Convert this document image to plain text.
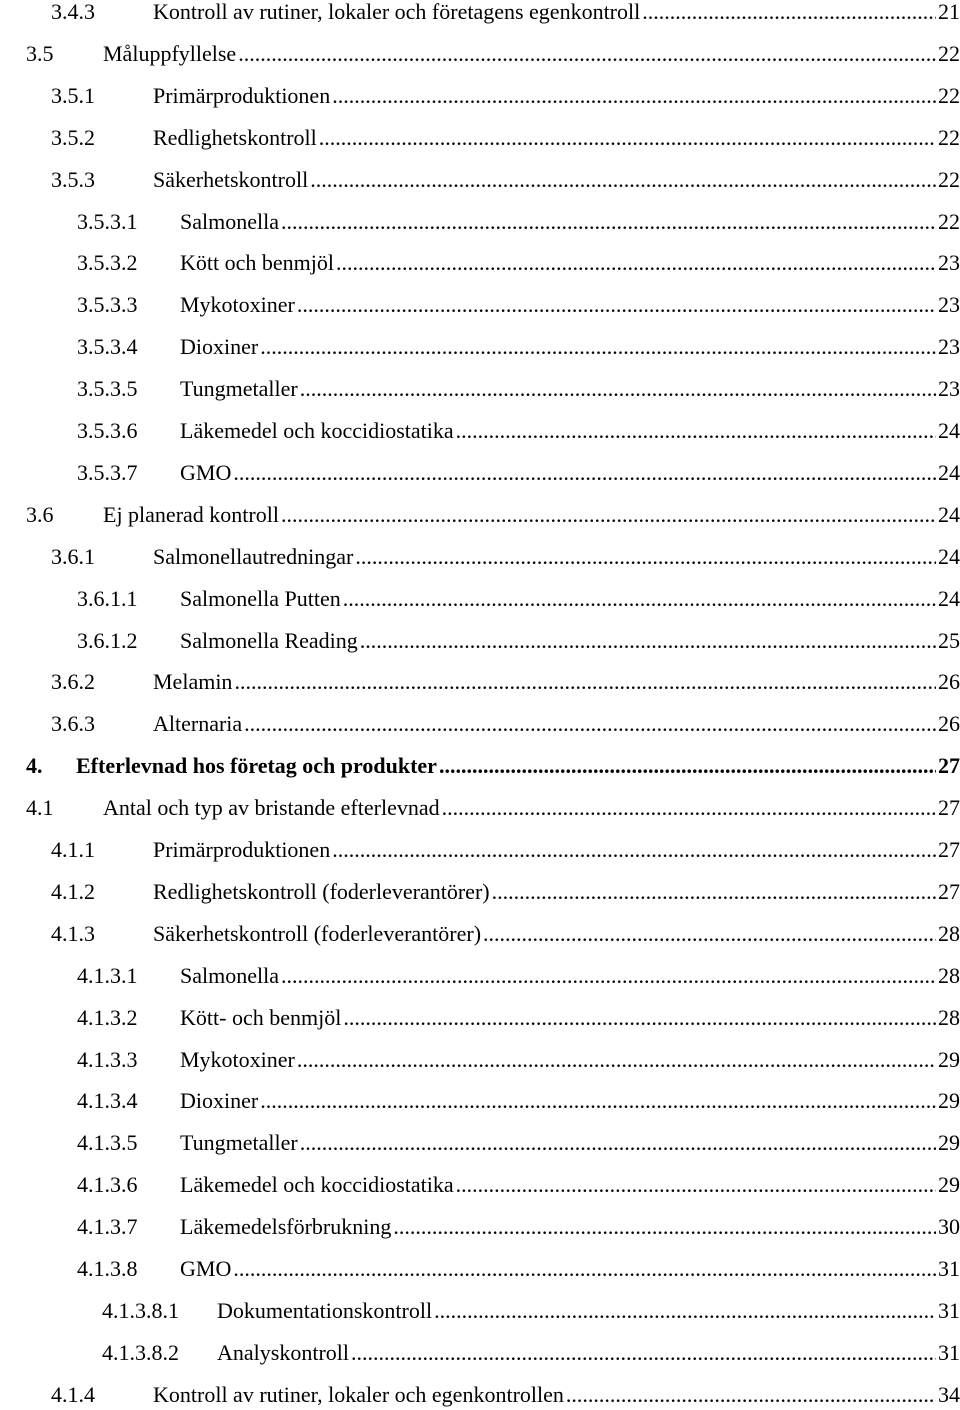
3.4.3	Kontroll av rutiner, lokaler och företagens egenkontroll .....	21
3.5	Måluppfyllelse .....	22
3.5.1	Primärproduktionen .....	22
3.5.2	Redlighetskontroll .....	22
3.5.3	Säkerhetskontroll .....	22
3.5.3.1	Salmonella .....	22
3.5.3.2	Kött och benmjöl .....	23
3.5.3.3	Mykotoxiner .....	23
3.5.3.4	Dioxiner .....	23
3.5.3.5	Tungmetaller .....	23
3.5.3.6	Läkemedel och koccidiostatika .....	24
3.5.3.7	GMO .....	24
3.6	Ej planerad kontroll .....	24
3.6.1	Salmonellautredningar .....	24
3.6.1.1	Salmonella Putten .....	24
3.6.1.2	Salmonella Reading .....	25
3.6.2	Melamin .....	26
3.6.3	Alternaria .....	26
4.	Efterlevnad hos företag och produkter .....	27
4.1	Antal och typ av bristande efterlevnad .....	27
4.1.1	Primärproduktionen .....	27
4.1.2	Redlighetskontroll (foderleverantörer) .....	27
4.1.3	Säkerhetskontroll (foderleverantörer) .....	28
4.1.3.1	Salmonella .....	28
4.1.3.2	Kött- och benmjöl .....	28
4.1.3.3	Mykotoxiner .....	29
4.1.3.4	Dioxiner .....	29
4.1.3.5	Tungmetaller .....	29
4.1.3.6	Läkemedel och koccidiostatika .....	29
4.1.3.7	Läkemedelsförbrukning .....	30
4.1.3.8	GMO .....	31
4.1.3.8.1	Dokumentationskontroll .....	31
4.1.3.8.2	Analyskontroll .....	31
4.1.4	Kontroll av rutiner, lokaler och egenkontrollen .....	34
